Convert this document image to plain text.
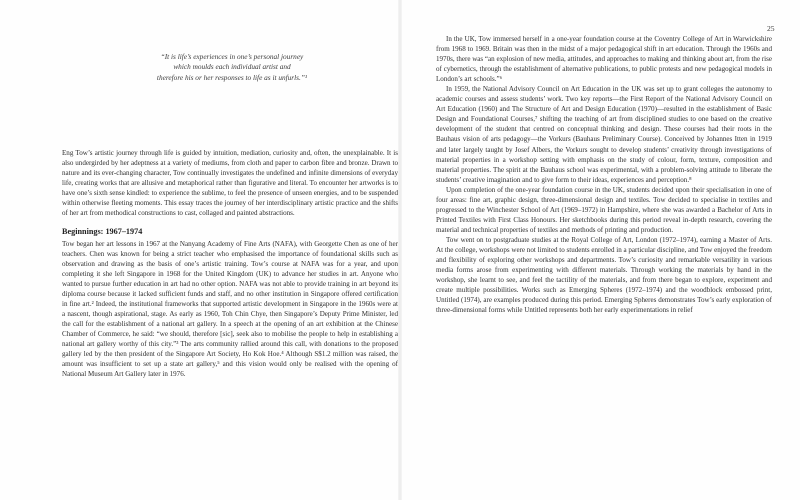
25
“It is life’s experiences in one’s personal journey
which moulds each individual artist and
therefore his or her responses to life as it unfurls.”¹

Eng Tow’s artistic journey through life is guided by intuition, mediation, curiosity and, often, the unexplainable. It is also undergirded by her adeptness at a variety of mediums, from cloth and paper to carbon fibre and bronze. Drawn to nature and its ever-changing character, Tow continually investigates the undefined and infinite dimensions of everyday life, creating works that are allusive and metaphorical rather than figurative and literal. To encounter her artworks is to have one’s sixth sense kindled: to experience the sublime, to feel the presence of unseen energies, and to be suspended within otherwise fleeting moments. This essay traces the journey of her interdisciplinary artistic practice and the shifts of her art from methodical constructions to cast, collaged and painted abstractions.

Beginnings: 1967–1974

Tow began her art lessons in 1967 at the Nanyang Academy of Fine Arts (NAFA), with Georgette Chen as one of her teachers. Chen was known for being a strict teacher who emphasised the importance of foundational skills such as observation and drawing as the basis of one’s artistic training. Tow’s course at NAFA was for a year, and upon completing it she left Singapore in 1968 for the United Kingdom (UK) to advance her studies in art. Anyone who wanted to pursue further education in art had no other option. NAFA was not able to provide training in art beyond its diploma course because it lacked sufficient funds and staff, and no other institution in Singapore offered certification in fine art.² Indeed, the institutional frameworks that supported artistic development in Singapore in the 1960s were at a nascent, though aspirational, stage. As early as 1960, Toh Chin Chye, then Singapore’s Deputy Prime Minister, led the call for the establishment of a national art gallery. In a speech at the opening of an art exhibition at the Chinese Chamber of Commerce, he said: “we should, therefore [sic], seek also to mobilise the people to help in establishing a national art gallery worthy of this city.”³ The arts community rallied around this call, with donations to the proposed gallery led by the then president of the Singapore Art Society, Ho Kok Hoe.⁴ Although S$1.2 million was raised, the amount was insufficient to set up a state art gallery,⁵ and this vision would only be realised with the opening of National Museum Art Gallery later in 1976.

In the UK, Tow immersed herself in a one-year foundation course at the Coventry College of Art in Warwickshire from 1968 to 1969. Britain was then in the midst of a major pedagogical shift in art education. Through the 1960s and 1970s, there was “an explosion of new media, attitudes, and approaches to making and thinking about art, from the rise of cybernetics, through the establishment of alternative publications, to public protests and new pedagogical models in London’s art schools.”⁶

In 1959, the National Advisory Council on Art Education in the UK was set up to grant colleges the autonomy to academic courses and assess students’ work. Two key reports—the First Report of the National Advisory Council on Art Education (1960) and The Structure of Art and Design Education (1970)—resulted in the establishment of Basic Design and Foundational Courses,⁷ shifting the teaching of art from disciplined studies to one based on the creative development of the student that centred on conceptual thinking and design. These courses had their roots in the Bauhaus vision of arts pedagogy—the Vorkurs (Bauhaus Preliminary Course). Conceived by Johannes Itten in 1919 and later largely taught by Josef Albers, the Vorkurs sought to develop students’ creativity through investigations of material properties in a workshop setting with emphasis on the study of colour, form, texture, composition and material properties. The spirit at the Bauhaus school was experimental, with a problem-solving attitude to liberate the students’ creative imagination and to give form to their ideas, experiences and perception.⁸

Upon completion of the one-year foundation course in the UK, students decided upon their specialisation in one of four areas: fine art, graphic design, three-dimensional design and textiles. Tow decided to specialise in textiles and progressed to the Winchester School of Art (1969–1972) in Hampshire, where she was awarded a Bachelor of Arts in Printed Textiles with First Class Honours. Her sketchbooks during this period reveal in-depth research, covering the material and technical properties of textiles and methods of printing and production.

Tow went on to postgraduate studies at the Royal College of Art, London (1972–1974), earning a Master of Arts. At the college, workshops were not limited to students enrolled in a particular discipline, and Tow enjoyed the freedom and flexibility of exploring other workshops and departments. Tow’s curiosity and remarkable versatility in various media forms arose from experimenting with different materials. Through working the materials by hand in the workshop, she learnt to see, and feel the tactility of the materials, and from there began to explore, experiment and create multiple possibilities. Works such as Emerging Spheres (1972–1974) and the woodblock embossed print, Untitled (1974), are examples produced during this period. Emerging Spheres demonstrates Tow’s early exploration of three-dimensional forms while Untitled represents both her early experimentations in relief
